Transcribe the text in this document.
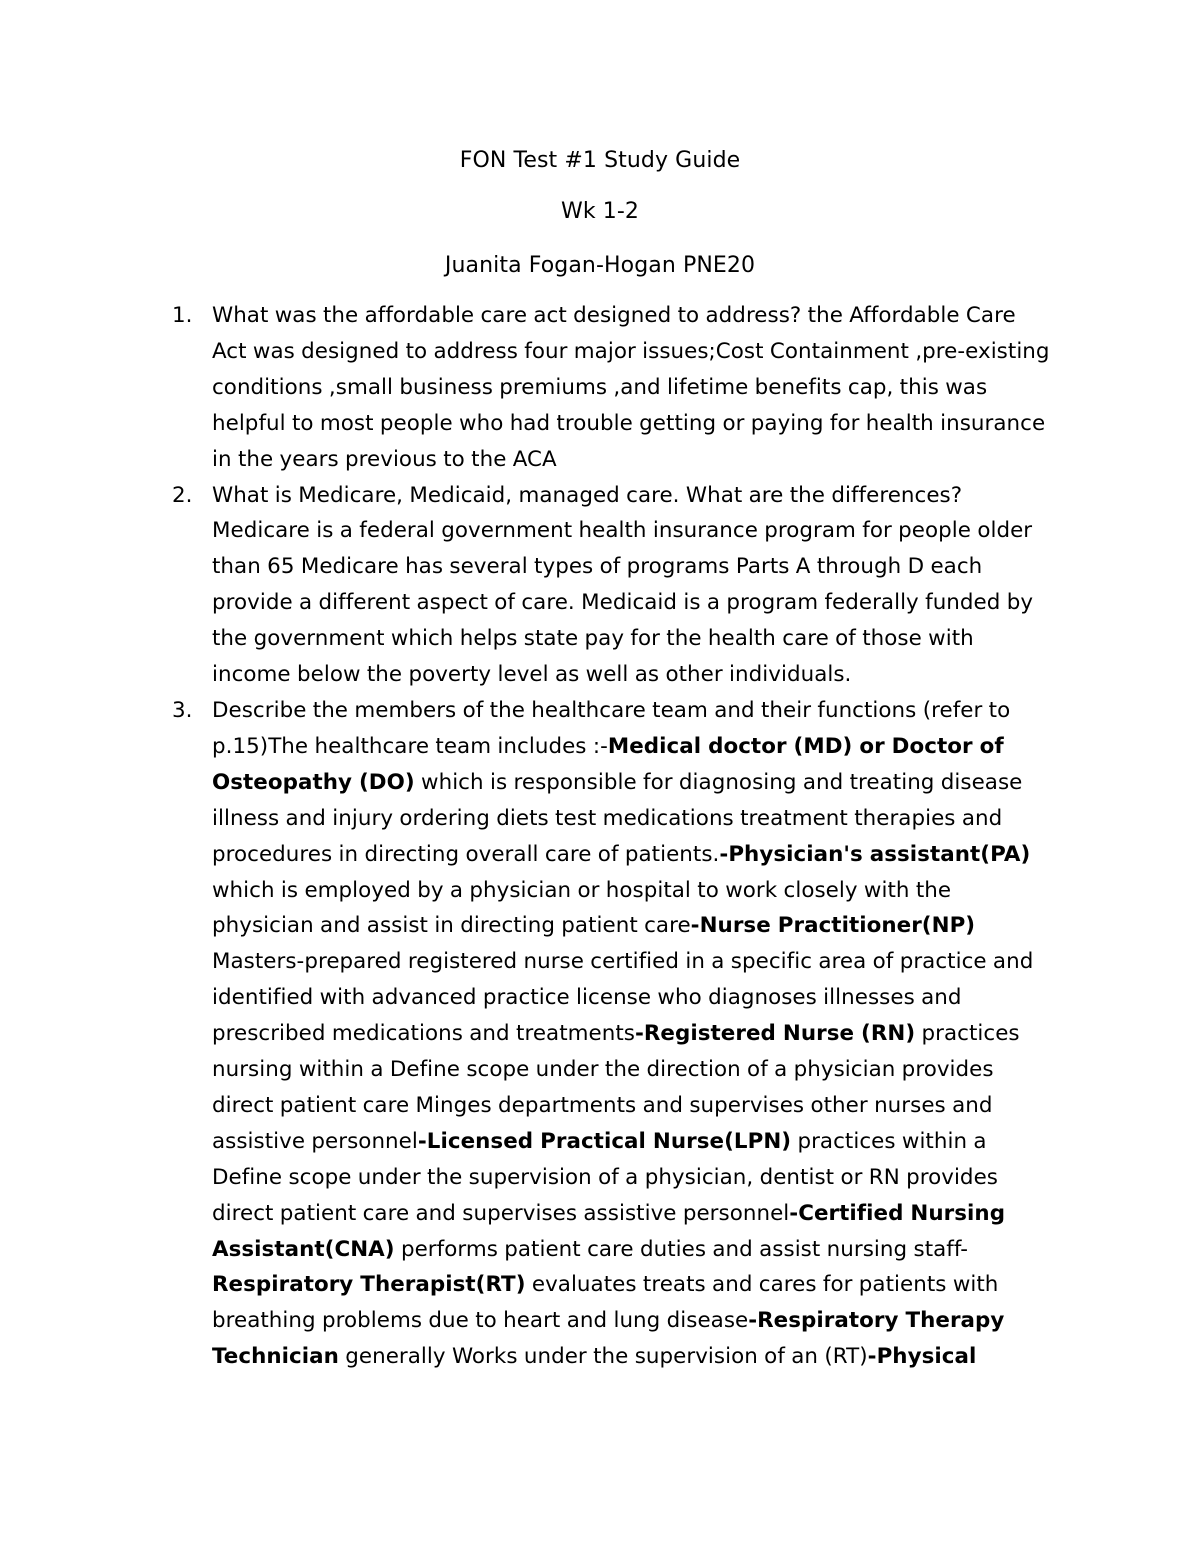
FON Test #1 Study Guide
Wk 1-2
Juanita Fogan-Hogan PNE20
1. What was the affordable care act designed to address? the Affordable Care Act was designed to address four major issues;Cost Containment ,pre-existing conditions ,small business premiums ,and lifetime benefits cap, this was helpful to most people who had trouble getting or paying for health insurance in the years previous to the ACA
2. What is Medicare, Medicaid, managed care. What are the differences? Medicare is a federal government health insurance program for people older than 65 Medicare has several types of programs Parts A through D each provide a different aspect of care. Medicaid is a program federally funded by the government which helps state pay for the health care of those with income below the poverty level as well as other individuals.
3. Describe the members of the healthcare team and their functions (refer to p.15)The healthcare team includes :-Medical doctor (MD) or Doctor of Osteopathy (DO) which is responsible for diagnosing and treating disease illness and injury ordering diets test medications treatment therapies and procedures in directing overall care of patients.-Physician's assistant(PA) which is employed by a physician or hospital to work closely with the physician and assist in directing patient care-Nurse Practitioner(NP) Masters-prepared registered nurse certified in a specific area of practice and identified with advanced practice license who diagnoses illnesses and prescribed medications and treatments-Registered Nurse (RN) practices nursing within a Define scope under the direction of a physician provides direct patient care Minges departments and supervises other nurses and assistive personnel-Licensed Practical Nurse(LPN) practices within a Define scope under the supervision of a physician, dentist or RN provides direct patient care and supervises assistive personnel-Certified Nursing Assistant(CNA) performs patient care duties and assist nursing staff-Respiratory Therapist(RT) evaluates treats and cares for patients with breathing problems due to heart and lung disease-Respiratory Therapy Technician generally Works under the supervision of an (RT)-Physical
